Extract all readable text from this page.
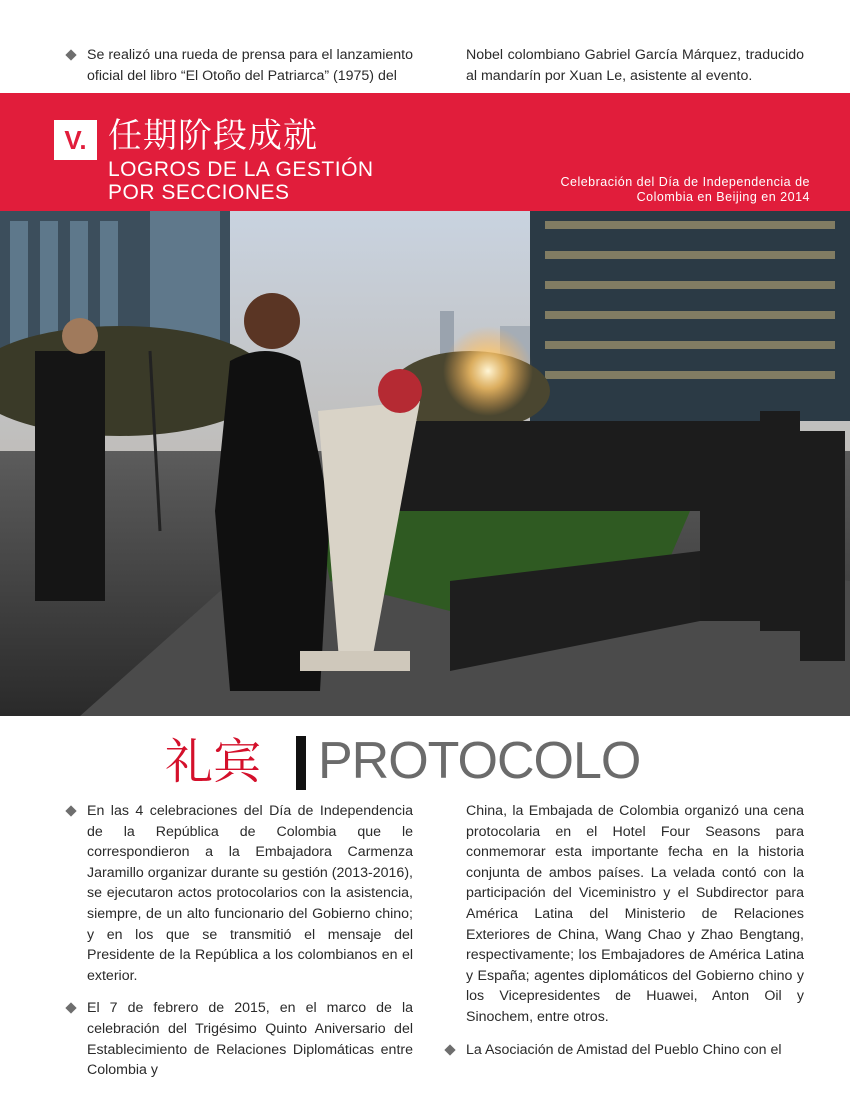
Se realizó una rueda de prensa para el lanzamiento oficial del libro “El Otoño del Patriarca” (1975) del
Nobel colombiano Gabriel García Márquez, traducido al mandarín por Xuan Le, asistente al evento.
V. 任期阶段成就
LOGROS DE LA GESTIÓN
POR SECCIONES	Celebración del Día de Independencia de
Colombia en Beijing en 2014
礼宾 PROTOCOLO
En las 4 celebraciones del Día de Independencia de la República de Colombia que le correspondieron a la Embajadora Carmenza Jaramillo organizar durante su gestión (2013-2016), se ejecutaron actos protocolarios con la asistencia, siempre, de un alto funcionario del Gobierno chino; y en los que se transmitió el mensaje del Presidente de la República a los colombianos en el exterior.
El 7 de febrero de 2015, en el marco de la celebración del Trigésimo Quinto Aniversario del Establecimiento de Relaciones Diplomáticas entre Colombia y
China, la Embajada de Colombia organizó una cena protocolaria en el Hotel Four Seasons para conmemorar esta importante fecha en la historia conjunta de ambos países. La velada contó con la participación del Viceministro y el Subdirector para América Latina del Ministerio de Relaciones Exteriores de China, Wang Chao y Zhao Bengtang, respectivamente; los Embajadores de América Latina y España; agentes diplomáticos del Gobierno chino y los Vicepresidentes de Huawei, Anton Oil y Sinochem, entre otros.
La Asociación de Amistad del Pueblo Chino con el
